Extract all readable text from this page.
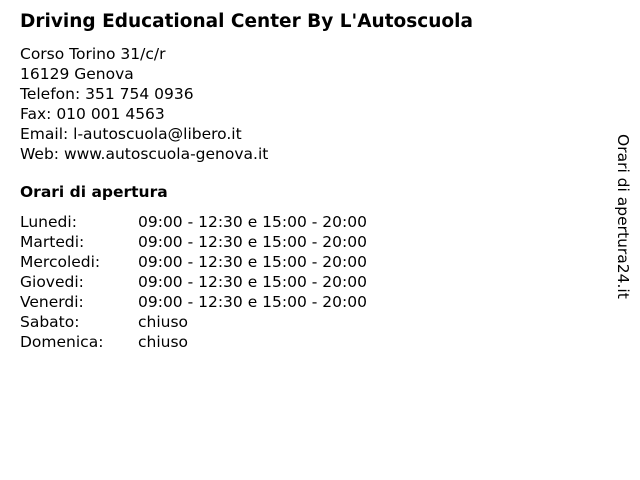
Driving Educational Center By L'Autoscuola
Corso Torino 31/c/r
16129 Genova
Telefon: 351 754 0936
Fax: 010 001 4563
Email: l-autoscuola@libero.it
Web: www.autoscuola-genova.it
Orari di apertura
Lunedi:	09:00 - 12:30 e 15:00 - 20:00
Martedi:	09:00 - 12:30 e 15:00 - 20:00
Mercoledi:	09:00 - 12:30 e 15:00 - 20:00
Giovedi:	09:00 - 12:30 e 15:00 - 20:00
Venerdi:	09:00 - 12:30 e 15:00 - 20:00
Sabato:	chiuso
Domenica:	chiuso
Orari di apertura24.it
